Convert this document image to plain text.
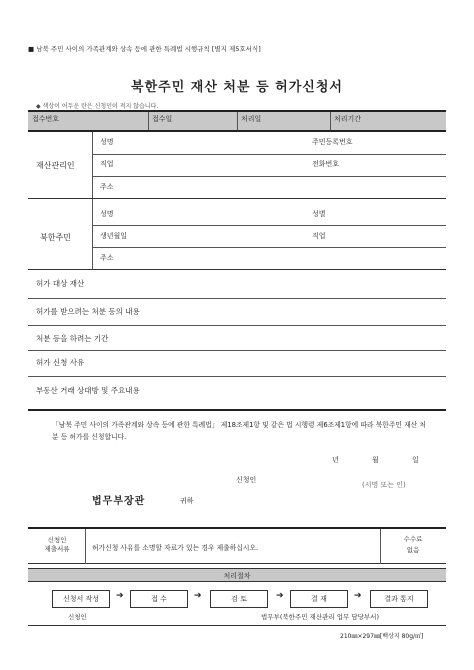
■ 남북 주민 사이의 가족관계와 상속 등에 관한 특례법 시행규칙 [별지 제5호서식]
북한주민 재산 처분 등 허가신청서
◆ 색상이 어두운 란은 신청인이 적지 않습니다.
접수번호	접수일	처리일	처리기간
재산관리인
성명	주민등록번호
직업	전화번호
주소
북한주민
성명	성별
생년월일	직업
주소
허가 대상 재산
허가를 받으려는 처분 등의 내용
처분 등을 하려는 기간
허가 신청 사유
부동산 거래 상대방 및 주요내용
「남북 주민 사이의 가족관계와 상속 등에 관한 특례법」 제18조제1항 및 같은 법 시행령 제6조제1항에 따라 북한주민 재산 처분 등 허가를 신청합니다.
년	월	일
신청인
(서명 또는 인)
법무부장관	귀하
신청인
제출서류	허가신청 사유를 소명할 자료가 있는 경우 제출하십시오.
수수료
없음
처리절차
신청서 작성	➔	접 수	➔	검 토	➔	결 재	➔	결과 통지
신청인	법무부(북한주민 재산관리 업무 담당부서)
210㎜×297㎜[백상지 80g/㎡]
